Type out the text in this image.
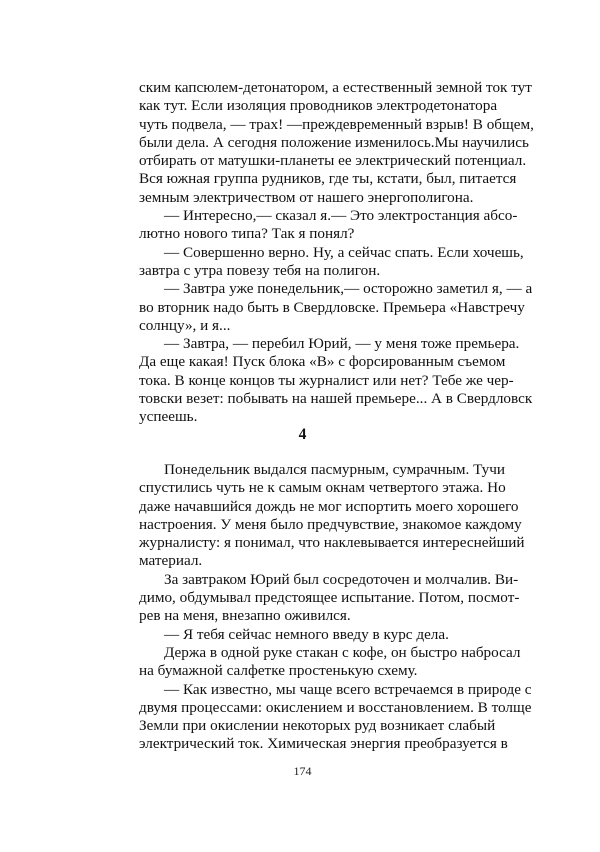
ским капсюлем-детонатором, а естественный земной ток тут
как тут. Если изоляция проводников электродетонатора
чуть подвела, — трах! —преждевременный взрыв! В общем,
были дела. А сегодня положение изменилось.Мы научились
отбирать от матушки-планеты ее электрический потенциал.
Вся южная группа рудников, где ты, кстати, был, питается
земным электричеством от нашего энергополигона.
— Интересно,— сказал я.— Это электростанция абсо-
лютно нового типа? Так я понял?
— Совершенно верно. Ну, а сейчас спать. Если хочешь,
завтра с утра повезу тебя на полигон.
— Завтра уже понедельник,— осторожно заметил я, — а
во вторник надо быть в Свердловске. Премьера «Навстречу
солнцу», и я...
— Завтра, — перебил Юрий, — у меня тоже премьера.
Да еще какая! Пуск блока «В» с форсированным съемом
тока. В конце концов ты журналист или нет? Тебе же чер-
товски везет: побывать на нашей премьере... А в Свердловск
успеешь.
4
Понедельник выдался пасмурным, сумрачным. Тучи
спустились чуть не к самым окнам четвертого этажа. Но
даже начавшийся дождь не мог испортить моего хорошего
настроения. У меня было предчувствие, знакомое каждому
журналисту: я понимал, что наклевывается интереснейший
материал.
За завтраком Юрий был сосредоточен и молчалив. Ви-
димо, обдумывал предстоящее испытание. Потом, посмот-
рев на меня, внезапно оживился.
— Я тебя сейчас немного введу в курс дела.
Держа в одной руке стакан с кофе, он быстро набросал
на бумажной салфетке простенькую схему.
— Как известно, мы чаще всего встречаемся в природе с
двумя процессами: окислением и восстановлением. В толще
Земли при окислении некоторых руд возникает слабый
электрический ток. Химическая энергия преобразуется в
174
